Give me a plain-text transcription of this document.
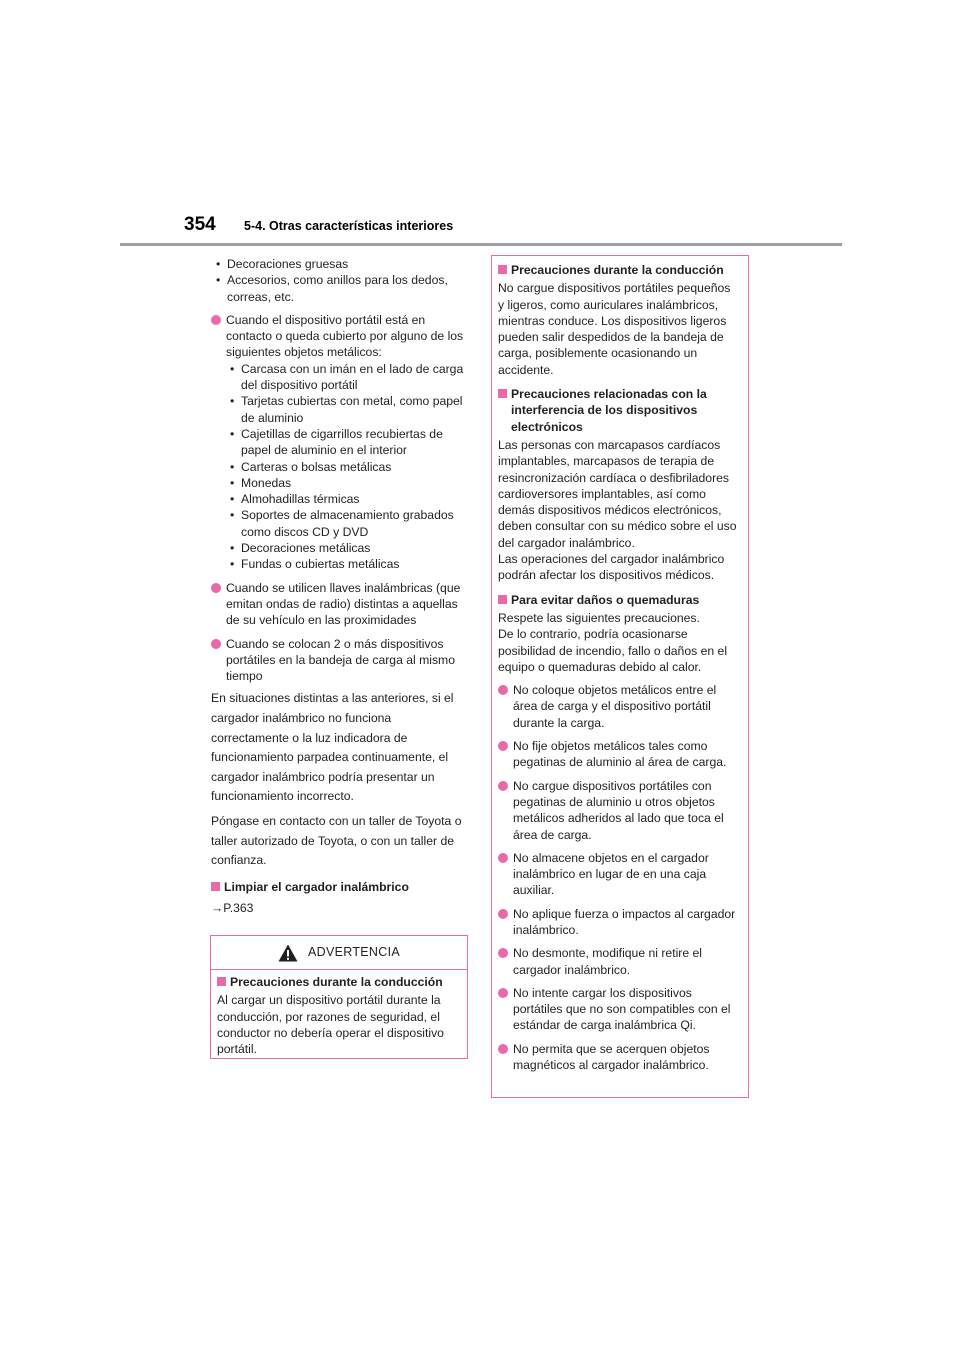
354 5-4. Otras características interiores
• Decoraciones gruesas
• Accesorios, como anillos para los dedos, correas, etc.
Cuando el dispositivo portátil está en contacto o queda cubierto por alguno de los siguientes objetos metálicos:
• Carcasa con un imán en el lado de carga del dispositivo portátil
• Tarjetas cubiertas con metal, como papel de aluminio
• Cajetillas de cigarrillos recubiertas de papel de aluminio en el interior
• Carteras o bolsas metálicas
• Monedas
• Almohadillas térmicas
• Soportes de almacenamiento grabados como discos CD y DVD
• Decoraciones metálicas
• Fundas o cubiertas metálicas
Cuando se utilicen llaves inalámbricas (que emitan ondas de radio) distintas a aquellas de su vehículo en las proximidades
Cuando se colocan 2 o más dispositivos portátiles en la bandeja de carga al mismo tiempo
En situaciones distintas a las anteriores, si el cargador inalámbrico no funciona correctamente o la luz indicadora de funcionamiento parpadea continuamente, el cargador inalámbrico podría presentar un funcionamiento incorrecto.
Póngase en contacto con un taller de Toyota o taller autorizado de Toyota, o con un taller de confianza.
Limpiar el cargador inalámbrico
→P.363
ADVERTENCIA
Precauciones durante la conducción
Al cargar un dispositivo portátil durante la conducción, por razones de seguridad, el conductor no debería operar el dispositivo portátil.
Precauciones durante la conducción
No cargue dispositivos portátiles pequeños y ligeros, como auriculares inalámbricos, mientras conduce. Los dispositivos ligeros pueden salir despedidos de la bandeja de carga, posiblemente ocasionando un accidente.
Precauciones relacionadas con la interferencia de los dispositivos electrónicos
Las personas con marcapasos cardíacos implantables, marcapasos de terapia de resincronización cardíaca o desfibriladores cardioversores implantables, así como demás dispositivos médicos electrónicos, deben consultar con su médico sobre el uso del cargador inalámbrico.
Las operaciones del cargador inalámbrico podrán afectar los dispositivos médicos.
Para evitar daños o quemaduras
Respete las siguientes precauciones.
De lo contrario, podría ocasionarse posibilidad de incendio, fallo o daños en el equipo o quemaduras debido al calor.
No coloque objetos metálicos entre el área de carga y el dispositivo portátil durante la carga.
No fije objetos metálicos tales como pegatinas de aluminio al área de carga.
No cargue dispositivos portátiles con pegatinas de aluminio u otros objetos metálicos adheridos al lado que toca el área de carga.
No almacene objetos en el cargador inalámbrico en lugar de en una caja auxiliar.
No aplique fuerza o impactos al cargador inalámbrico.
No desmonte, modifique ni retire el cargador inalámbrico.
No intente cargar los dispositivos portátiles que no son compatibles con el estándar de carga inalámbrica Qi.
No permita que se acerquen objetos magnéticos al cargador inalámbrico.
